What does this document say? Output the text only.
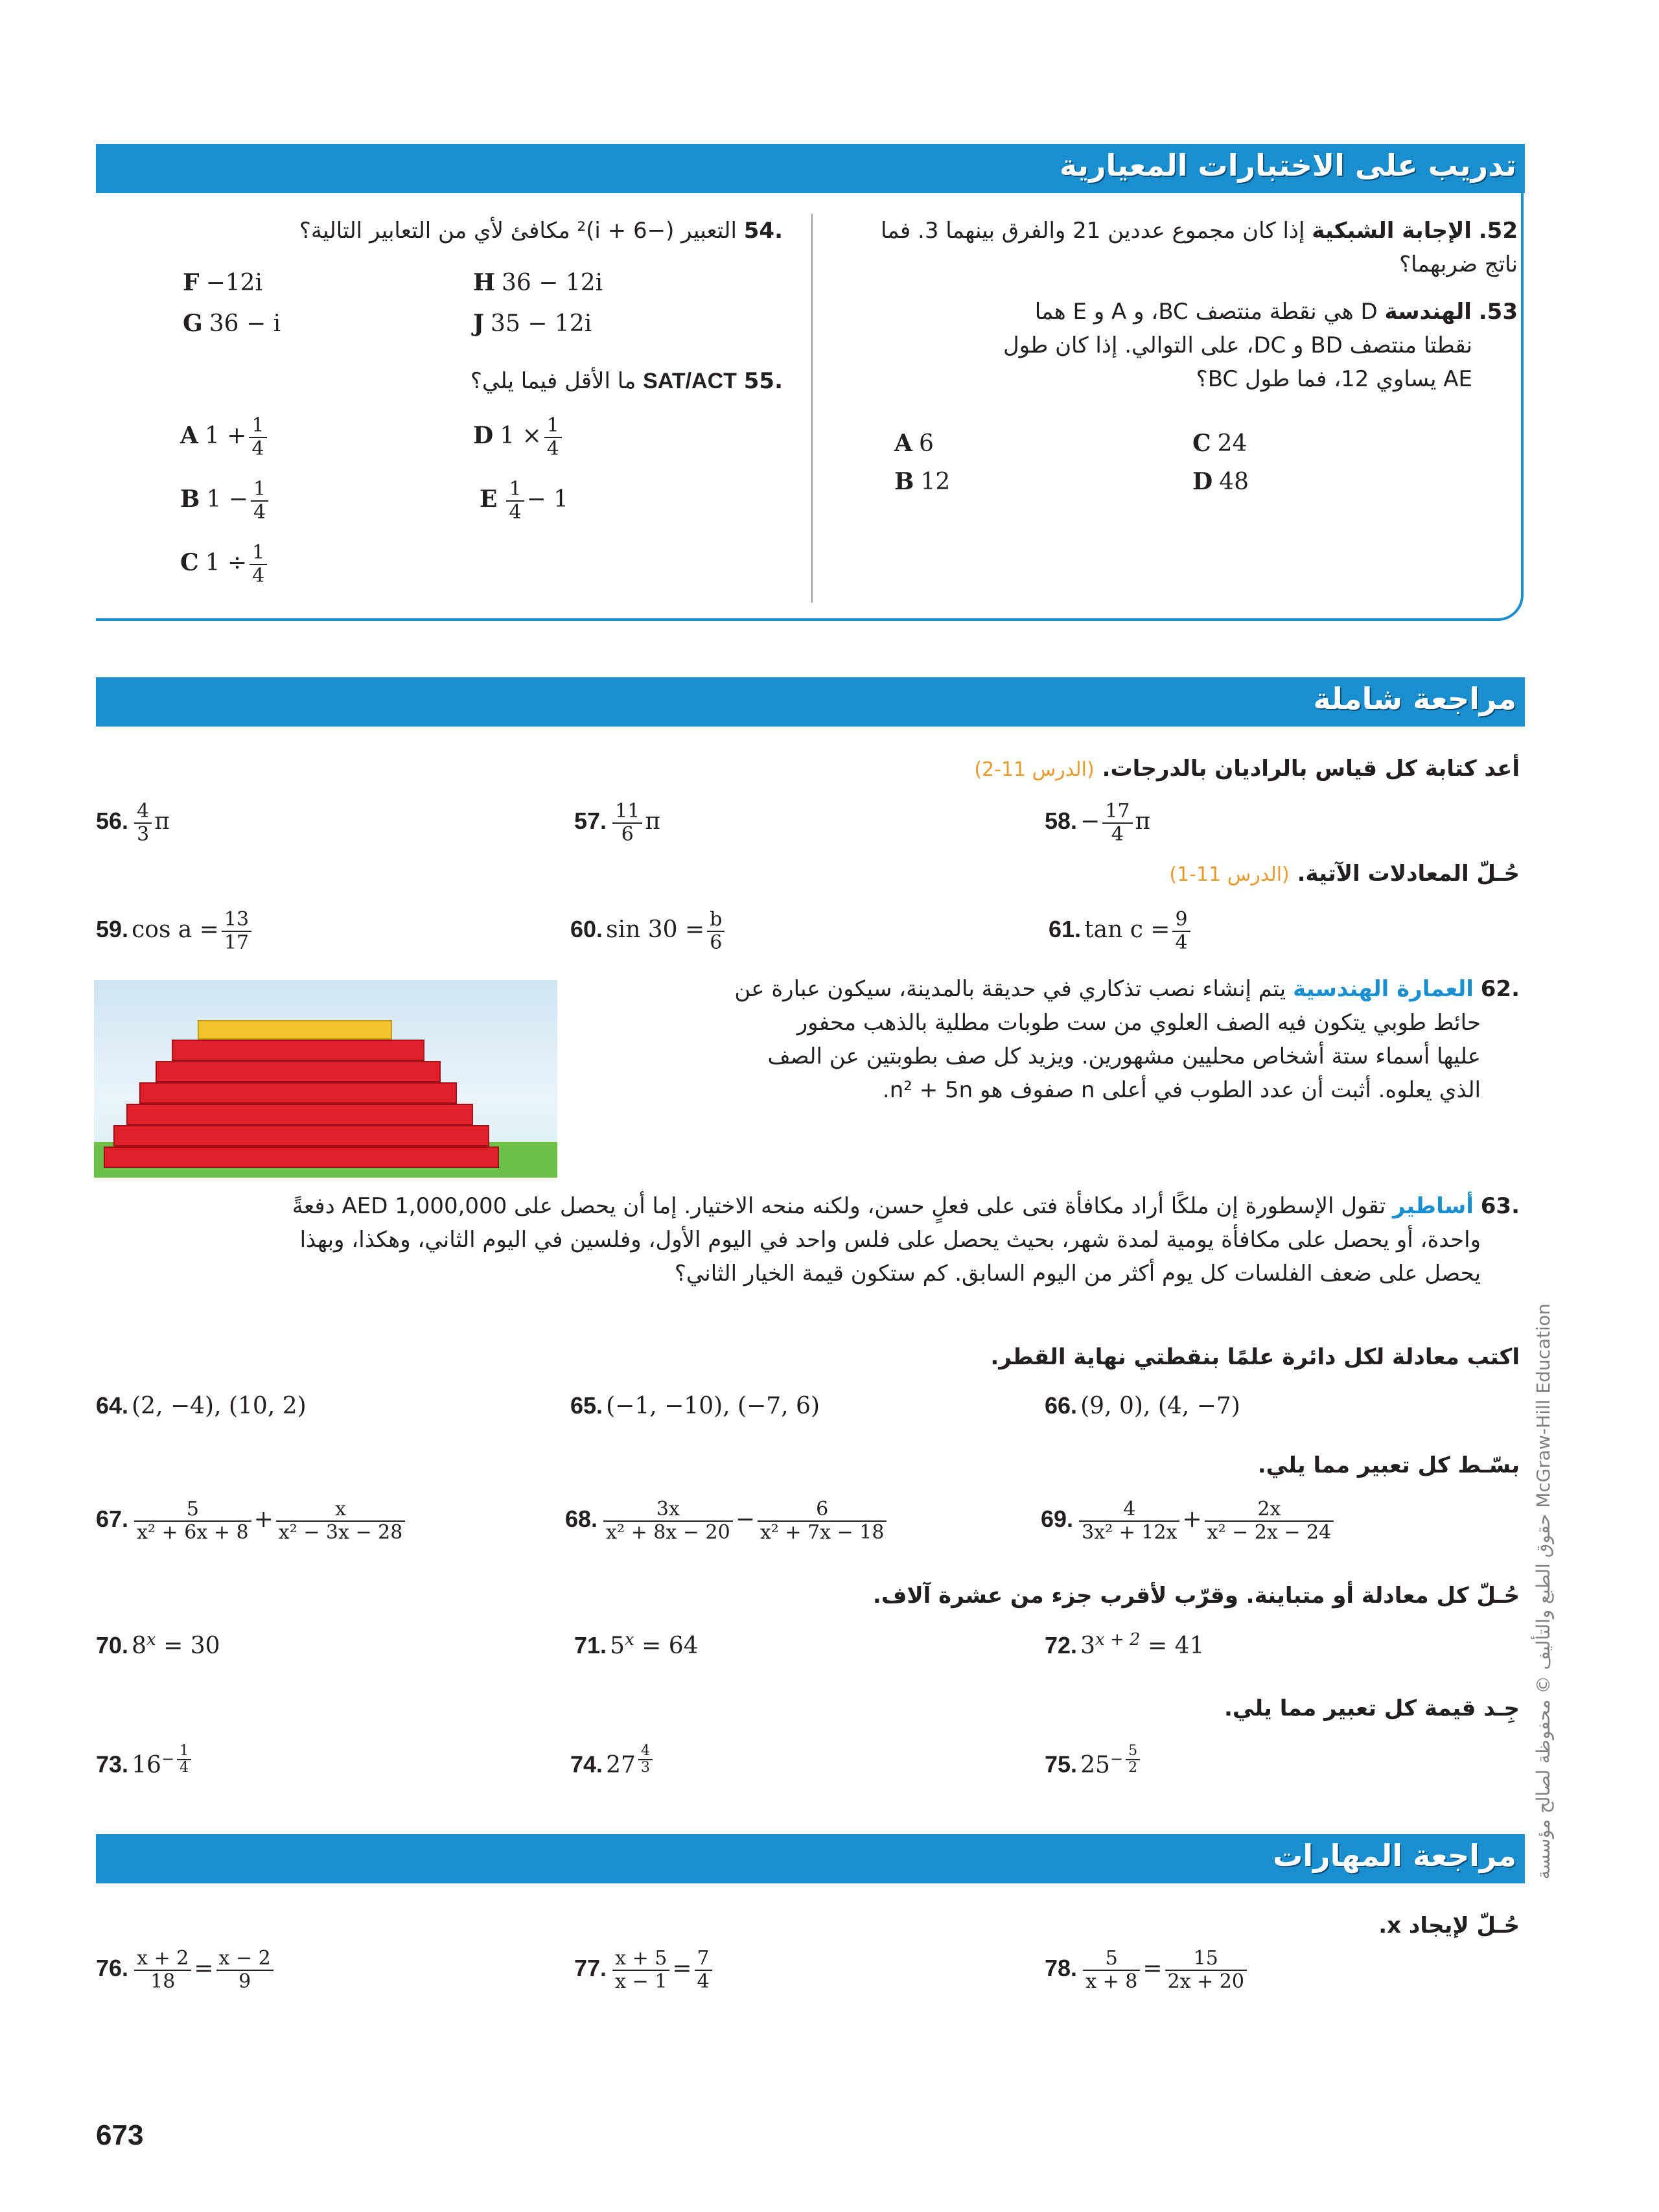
تدريب على الاختبارات المعيارية
52. الإجابة الشبكية إذا كان مجموع عددين 21 والفرق بينهما 3. فما ناتج ضربهما؟
53. الهندسة D هي نقطة منتصف BC، و A و E هما
نقطتا منتصف BD و DC، على التوالي. إذا كان طول
AE يساوي 12، فما طول BC؟
A 6	C 24
B 12	D 48
.54 التعبير (−6 + i)² مكافئ لأي من التعابير التالية؟
F −12i	H 36 − 12i
G 36 − i	J 35 − 12i
.55 SAT/ACT ما الأقل فيما يلي؟
A $1 + \frac{1}{4}$	D $1 \times \frac{1}{4}$
B $1 - \frac{1}{4}$	E $\frac{1}{4} - 1$
C $1 \div \frac{1}{4}$
مراجعة شاملة
أعد كتابة كل قياس بالراديان بالدرجات. (الدرس 11-2)
56. $\frac{4}{3}$ π	57. $\frac{11}{6}$ π	58. − $\frac{17}{4}$ π
حُـلّ المعادلات الآتية. (الدرس 11-1)
59. $\cos a = \frac{13}{17}$	60. $\sin 30 = \frac{b}{6}$	61. $\tan c = \frac{9}{4}$
.62 العمارة الهندسية يتم إنشاء نصب تذكاري في حديقة بالمدينة، سيكون عبارة عن
حائط طوبي يتكون فيه الصف العلوي من ست طوبات مطلية بالذهب محفور
عليها أسماء ستة أشخاص محليين مشهورين. ويزيد كل صف بطوبتين عن الصف
الذي يعلوه. أثبت أن عدد الطوب في أعلى n صفوف هو n² + 5n.
.63 أساطير تقول الإسطورة إن ملكًا أراد مكافأة فتى على فعلٍ حسن، ولكنه منحه الاختيار. إما أن يحصل على AED 1,000,000 دفعةً
واحدة، أو يحصل على مكافأة يومية لمدة شهر، بحيث يحصل على فلس واحد في اليوم الأول، وفلسين في اليوم الثاني، وهكذا، وبهذا
يحصل على ضعف الفلسات كل يوم أكثر من اليوم السابق. كم ستكون قيمة الخيار الثاني؟
اكتب معادلة لكل دائرة علمًا بنقطتي نهاية القطر.
64. (2, −4), (10, 2)	65. (−1, −10), (−7, 6)	66. (9, 0), (4, −7)
بسّـط كل تعبير مما يلي.
67. $\frac{5}{\text{x² + 6x + 8}} + \frac{x}{\text{x² − 3x − 28}}$	68. $\frac{3x}{\text{x² + 8x − 20}} - \frac{6}{\text{x² + 7x − 18}}$	69. $\frac{4}{\text{3x² + 12x}} + \frac{2x}{\text{x² − 2x − 24}}$
حُـلّ كل معادلة أو متباينة. وقرّب لأقرب جزء من عشرة آلاف.
70. $8^x = 30$	71. $5^x = 64$	72. $3^{x + 2} = 41$
جِـد قيمة كل تعبير مما يلي.
73. $16^{- \frac{1}{4}}$	74. 27 $^{\frac{4}{3}}$	75. $25^{- \frac{5}{2}}$
مراجعة المهارات
حُـلّ لإيجاد x.
76. $\frac{x + 2}{18} = \frac{x - 2}{9}$	77. $\frac{x + 5}{x - 1} = \frac{7}{4}$	78. $\frac{5}{x + 8} = \frac{15}{2x + 20}$
حقوق الطبع والتأليف © محفوظة لصالح مؤسسة McGraw-Hill Education
673
